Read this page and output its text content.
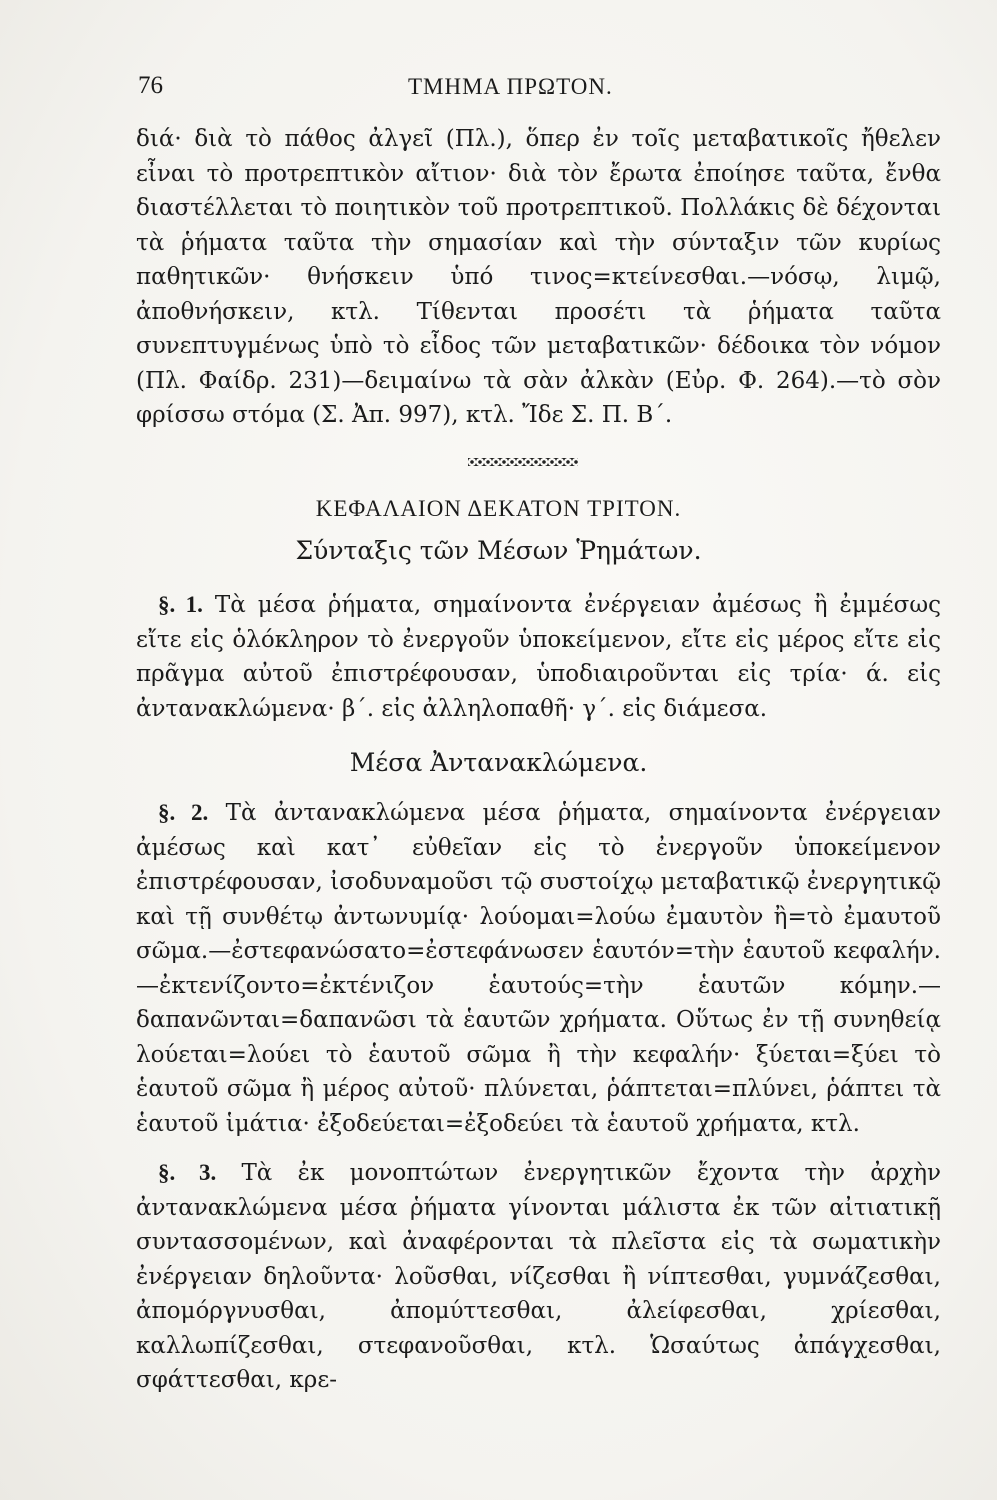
76	ΤΜΗΜΑ ΠΡΩΤΟΝ.

διά· διὰ τὸ πάθος ἀλγεῖ (Πλ.), ὅπερ ἐν τοῖς μεταβατικοῖς ἤθελεν εἶναι τὸ προτρεπτικὸν αἴτιον· διὰ τὸν ἔρωτα ἐποίησε ταῦτα, ἔνθα διαστέλλεται τὸ ποιητικὸν τοῦ προτρεπτικοῦ. Πολλάκις δὲ δέχονται τὰ ῥήματα ταῦτα τὴν σημασίαν καὶ τὴν σύνταξιν τῶν κυρίως παθητικῶν· θνήσκειν ὑπό τινος=κτείνεσθαι.—νόσῳ, λιμῷ, ἀποθνήσκειν, κτλ. Τίθενται προσέτι τὰ ῥήματα ταῦτα συνεπτυγμένως ὑπὸ τὸ εἶδος τῶν μεταβατικῶν· δέδοικα τὸν νόμον (Πλ. Φαίδρ. 231)—δειμαίνω τὰ σὰν ἀλκὰν (Εὐρ. Φ. 264).—τὸ σὸν φρίσσω στόμα (Σ. Ἀπ. 997), κτλ. Ἴδε Σ. Π. Β΄.

ΚΕΦΑΛΑΙΟΝ ΔΕΚΑΤΟΝ ΤΡΙΤΟΝ.
Σύνταξις τῶν Μέσων Ῥημάτων.

§. 1. Τὰ μέσα ῥήματα, σημαίνοντα ἐνέργειαν ἀμέσως ἢ ἐμμέσως εἴτε εἰς ὁλόκληρον τὸ ἐνεργοῦν ὑποκείμενον, εἴτε εἰς μέρος εἴτε εἰς πρᾶγμα αὐτοῦ ἐπιστρέφουσαν, ὑποδιαιροῦνται εἰς τρία· ά. εἰς ἀντανακλώμενα· β΄. εἰς ἀλληλοπαθῆ· γ΄. εἰς διάμεσα.

Μέσα Ἀντανακλώμενα.

§. 2. Τὰ ἀντανακλώμενα μέσα ῥήματα, σημαίνοντα ἐνέργειαν ἀμέσως καὶ κατ᾽ εὐθεῖαν εἰς τὸ ἐνεργοῦν ὑποκείμενον ἐπιστρέφουσαν, ἰσοδυναμοῦσι τῷ συστοίχῳ μεταβατικῷ ἐνεργητικῷ καὶ τῇ συνθέτῳ ἀντωνυμίᾳ· λούομαι=λούω ἐμαυτὸν ἢ=τὸ ἐμαυτοῦ σῶμα.—ἐστεφανώσατο=ἐστεφάνωσεν ἑαυτόν=τὴν ἑαυτοῦ κεφαλήν.—ἐκτενίζοντο=ἐκτένιζον ἑαυτούς=τὴν ἑαυτῶν κόμην.—δαπανῶνται=δαπανῶσι τὰ ἑαυτῶν χρήματα. Οὕτως ἐν τῇ συνηθείᾳ λούεται=λούει τὸ ἑαυτοῦ σῶμα ἢ τὴν κεφαλήν· ξύεται=ξύει τὸ ἑαυτοῦ σῶμα ἢ μέρος αὐτοῦ· πλύνεται, ῥάπτεται=πλύνει, ῥάπτει τὰ ἑαυτοῦ ἱμάτια· ἐξοδεύεται=ἐξοδεύει τὰ ἑαυτοῦ χρήματα, κτλ.

§. 3. Τὰ ἐκ μονοπτώτων ἐνεργητικῶν ἔχοντα τὴν ἀρχὴν ἀντανακλώμενα μέσα ῥήματα γίνονται μάλιστα ἐκ τῶν αἰτιατικῇ συντασσομένων, καὶ ἀναφέρονται τὰ πλεῖστα εἰς τὰ σωματικὴν ἐνέργειαν δηλοῦντα· λοῦσθαι, νίζεσθαι ἢ νίπτεσθαι, γυμνάζεσθαι, ἀπομόργνυσθαι, ἀπομύττεσθαι, ἀλείφεσθαι, χρίεσθαι, καλλωπίζεσθαι, στεφανοῦσθαι, κτλ. Ὡσαύτως ἀπάγχεσθαι, σφάττεσθαι, κρε-
